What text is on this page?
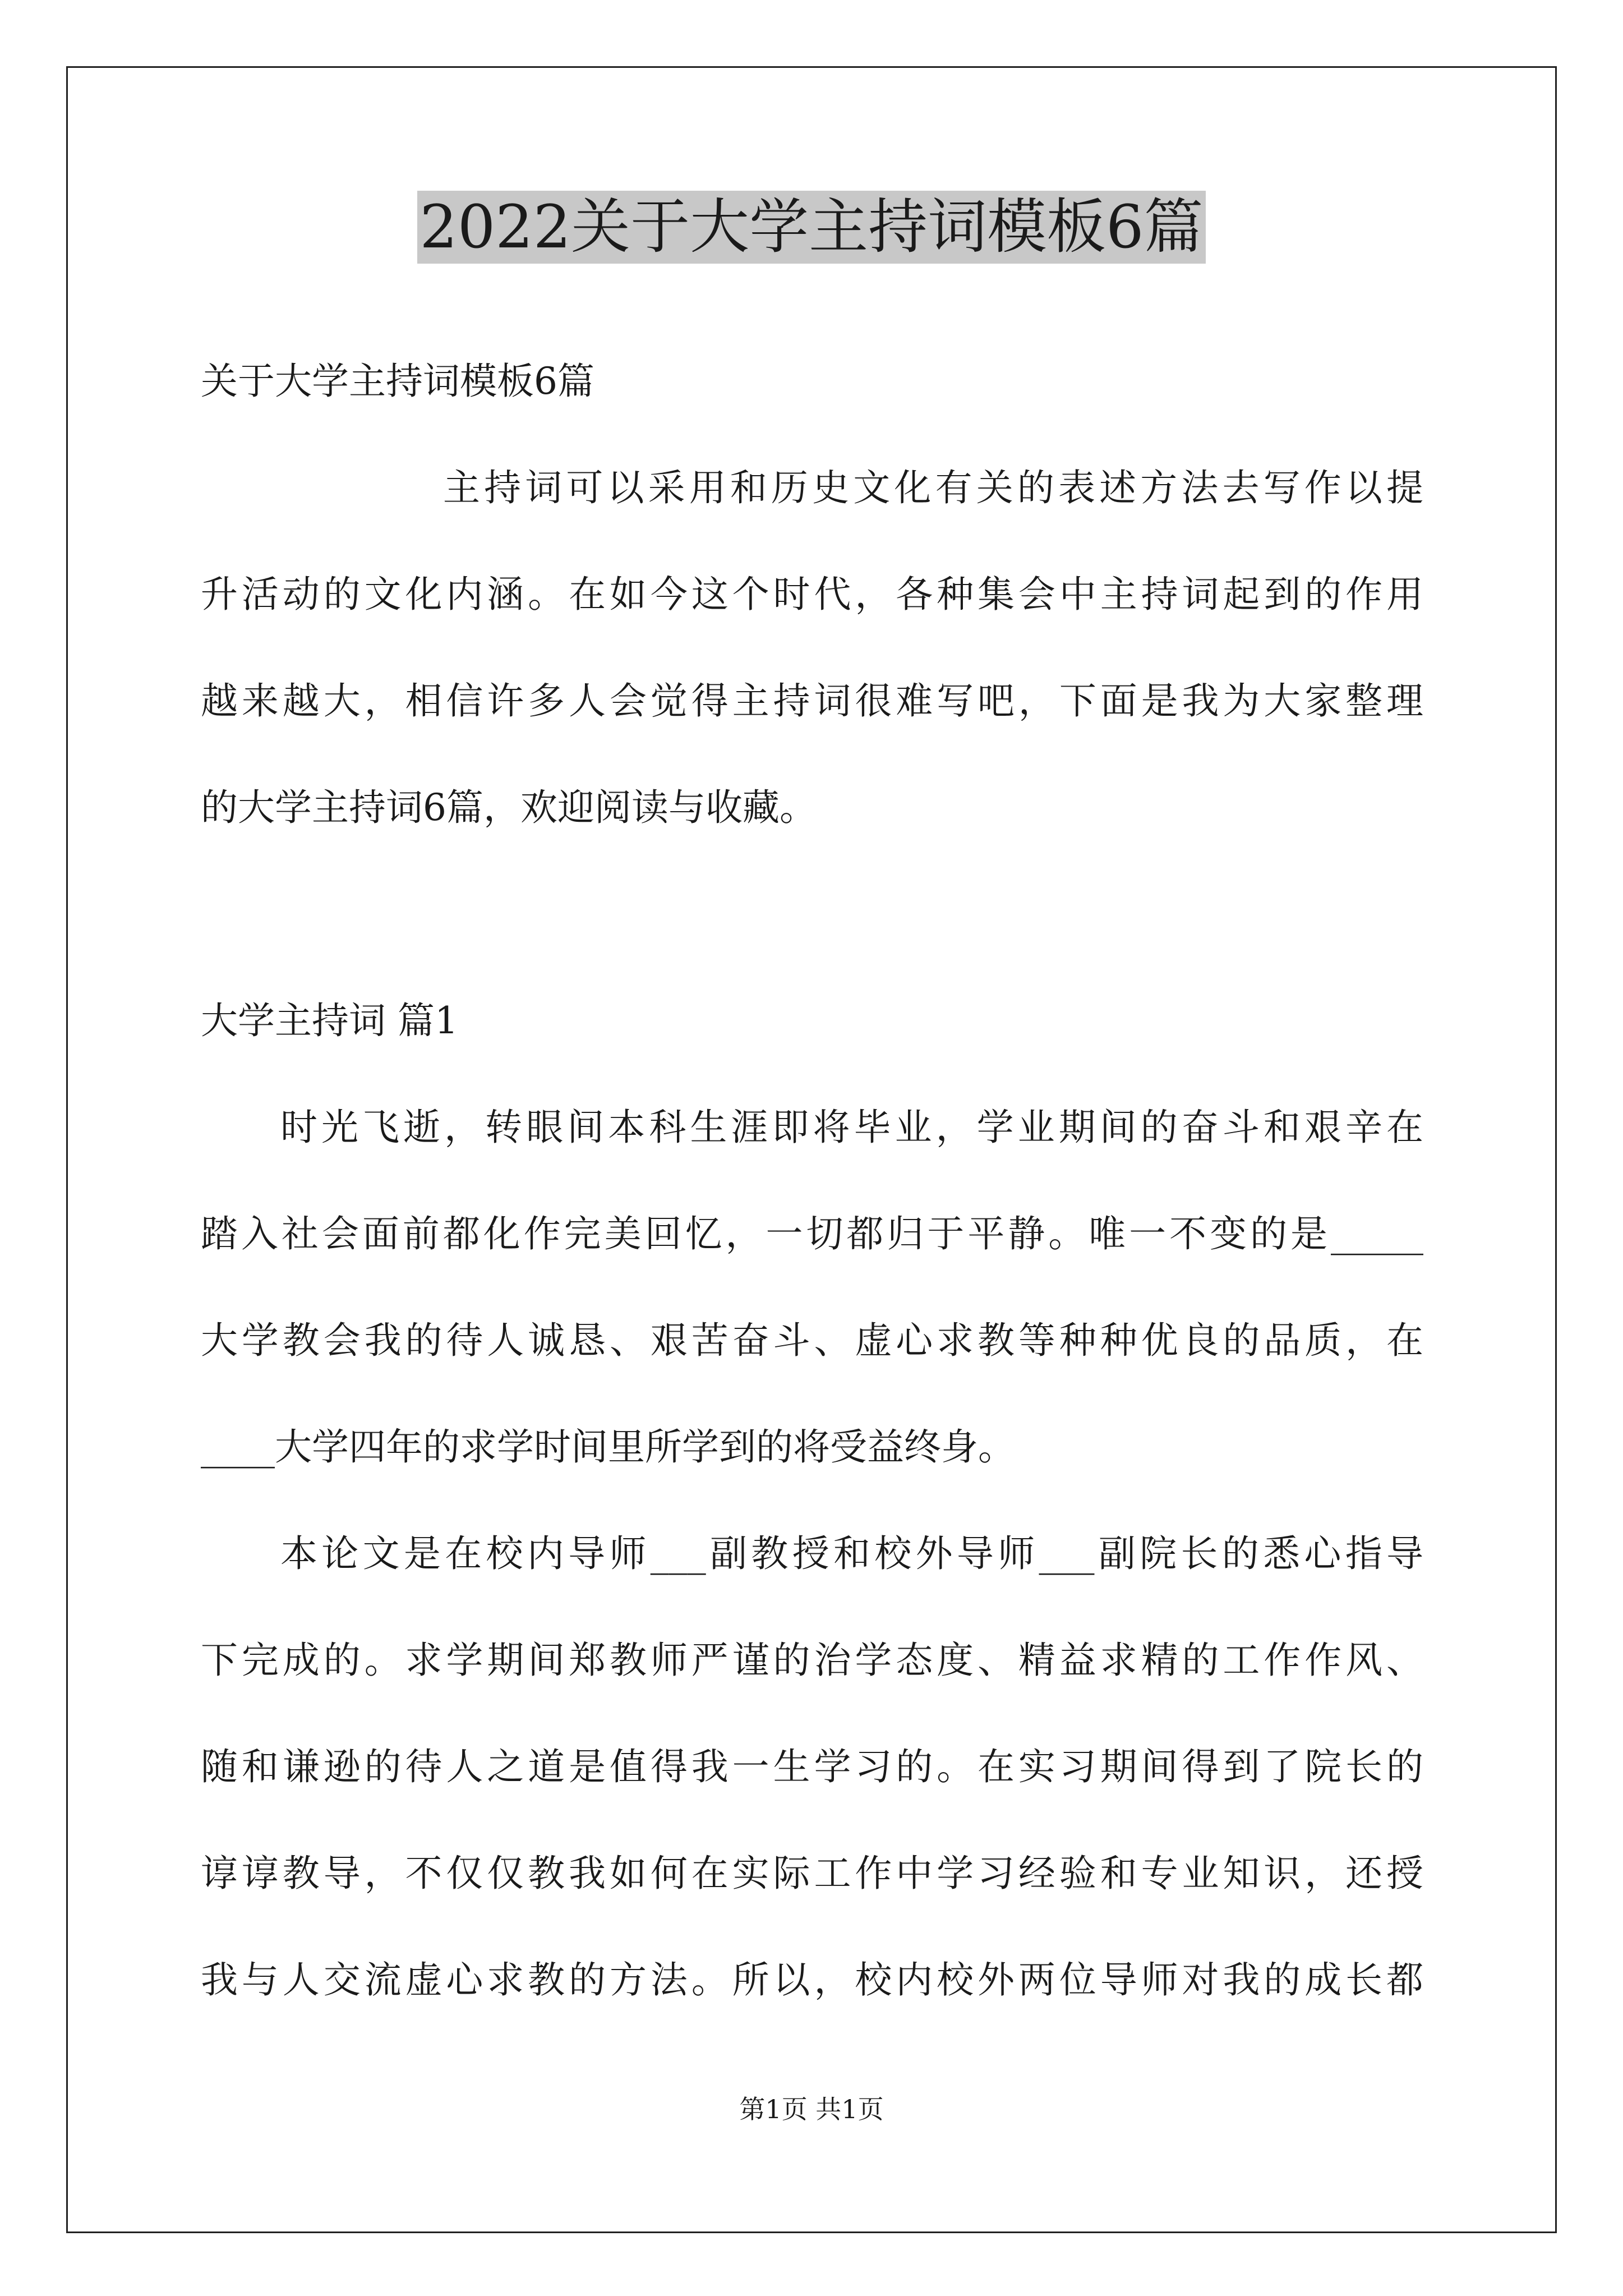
2022关于大学主持词模板6篇
关于大学主持词模板6篇
主持词可以采用和历史文化有关的表述方法去写作以提
升活动的文化内涵。在如今这个时代，各种集会中主持词起到的作用
越来越大，相信许多人会觉得主持词很难写吧，下面是我为大家整理
的大学主持词6篇，欢迎阅读与收藏。
大学主持词 篇1
时光飞逝，转眼间本科生涯即将毕业，学业期间的奋斗和艰辛在
踏入社会面前都化作完美回忆，一切都归于平静。唯一不变的是_____
大学教会我的待人诚恳、艰苦奋斗、虚心求教等种种优良的品质，在
____大学四年的求学时间里所学到的将受益终身。
本论文是在校内导师___副教授和校外导师___副院长的悉心指导
下完成的。求学期间郑教师严谨的治学态度、精益求精的工作作风、
随和谦逊的待人之道是值得我一生学习的。在实习期间得到了院长的
谆谆教导，不仅仅教我如何在实际工作中学习经验和专业知识，还授
我与人交流虚心求教的方法。所以，校内校外两位导师对我的成长都
第1页 共1页
